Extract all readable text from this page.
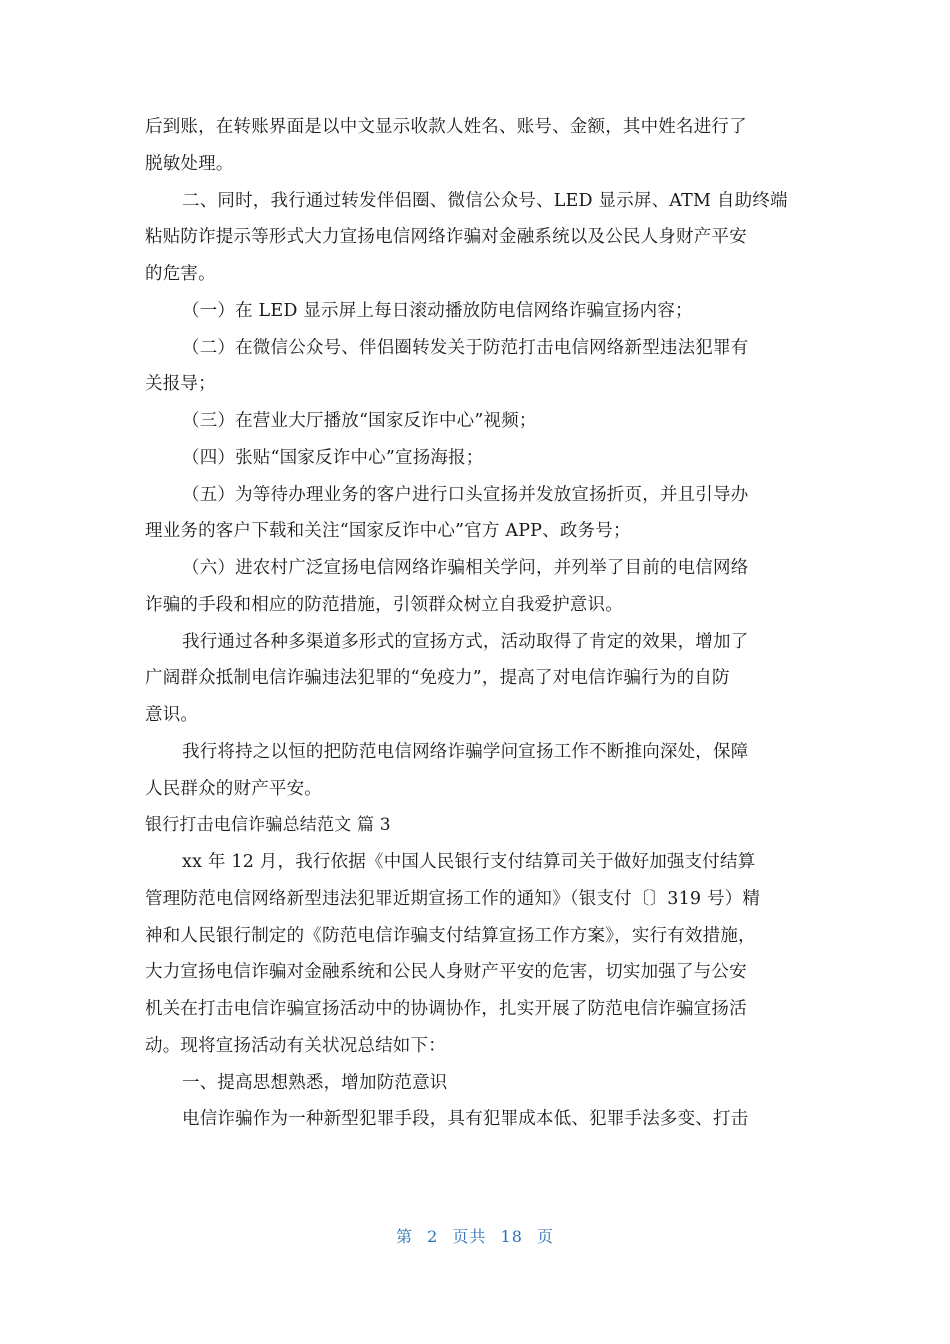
后到账，在转账界面是以中文显示收款人姓名、账号、金额，其中姓名进行了
脱敏处理。
二、同时，我行通过转发伴侣圈、微信公众号、LED 显示屏、ATM 自助终端
粘贴防诈提示等形式大力宣扬电信网络诈骗对金融系统以及公民人身财产平安
的危害。
（一）在 LED 显示屏上每日滚动播放防电信网络诈骗宣扬内容；
（二）在微信公众号、伴侣圈转发关于防范打击电信网络新型违法犯罪有
关报导；
（三）在营业大厅播放“国家反诈中心”视频；
（四）张贴“国家反诈中心”宣扬海报；
（五）为等待办理业务的客户进行口头宣扬并发放宣扬折页，并且引导办
理业务的客户下载和关注“国家反诈中心”官方 APP、政务号；
（六）进农村广泛宣扬电信网络诈骗相关学问，并列举了目前的电信网络
诈骗的手段和相应的防范措施，引领群众树立自我爱护意识。
我行通过各种多渠道多形式的宣扬方式，活动取得了肯定的效果，增加了
广阔群众抵制电信诈骗违法犯罪的“免疫力”，提高了对电信诈骗行为的自防
意识。
我行将持之以恒的把防范电信网络诈骗学问宣扬工作不断推向深处，保障
人民群众的财产平安。
银行打击电信诈骗总结范文 篇 3
xx 年 12 月，我行依据《中国人民银行支付结算司关于做好加强支付结算
管理防范电信网络新型违法犯罪近期宣扬工作的通知》（银支付〔〕319 号）精
神和人民银行制定的《防范电信诈骗支付结算宣扬工作方案》，实行有效措施，
大力宣扬电信诈骗对金融系统和公民人身财产平安的危害，切实加强了与公安
机关在打击电信诈骗宣扬活动中的协调协作，扎实开展了防范电信诈骗宣扬活
动。现将宣扬活动有关状况总结如下：
一、提高思想熟悉，增加防范意识
电信诈骗作为一种新型犯罪手段，具有犯罪成本低、犯罪手法多变、打击
第 2 页共 18 页
